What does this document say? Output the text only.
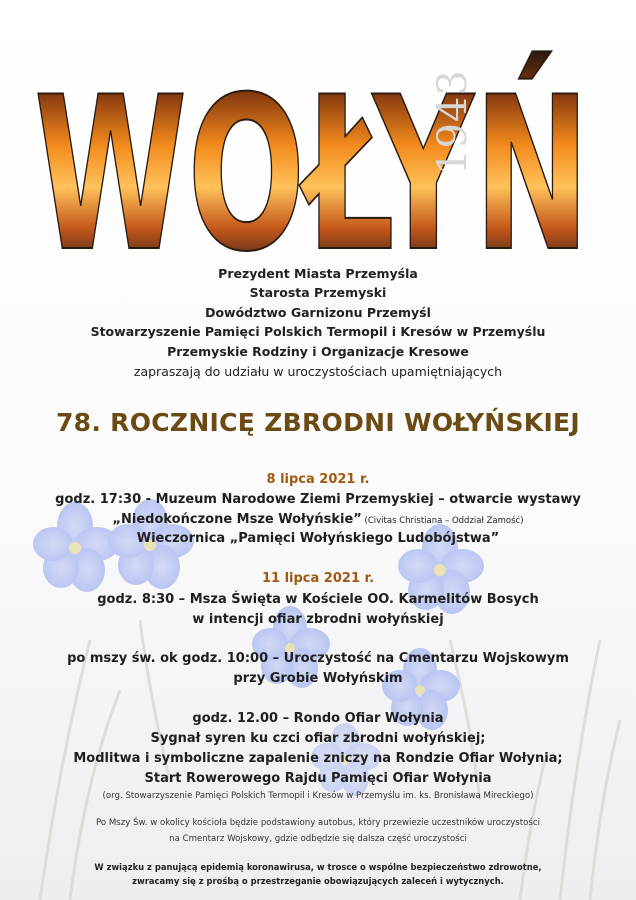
WOŁYŃ
1943
Prezydent Miasta Przemyśla
Starosta Przemyski
Dowództwo Garnizonu Przemyśl
Stowarzyszenie Pamięci Polskich Termopil i Kresów w Przemyślu
Przemyskie Rodziny i Organizacje Kresowe
zapraszają do udziału w uroczystościach upamiętniających
78. ROCZNICĘ ZBRODNI WOŁYŃSKIEJ
8 lipca 2021 r.
godz. 17:30 - Muzeum Narodowe Ziemi Przemyskiej – otwarcie wystawy
„Niedokończone Msze Wołyńskie” (Civitas Christiana – Oddział Zamość)
Wieczornica „Pamięci Wołyńskiego Ludobójstwa”
11 lipca 2021 r.
godz. 8:30 – Msza Święta w Kościele OO. Karmelitów Bosych
w intencji ofiar zbrodni wołyńskiej
po mszy św. ok godz. 10:00 – Uroczystość na Cmentarzu Wojskowym
przy Grobie Wołyńskim
godz. 12.00 – Rondo Ofiar Wołynia
Sygnał syren ku czci ofiar zbrodni wołyńskiej;
Modlitwa i symboliczne zapalenie zniczy na Rondzie Ofiar Wołynia;
Start Rowerowego Rajdu Pamięci Ofiar Wołynia
(org. Stowarzyszenie Pamięci Polskich Termopil i Kresów w Przemyślu im. ks. Bronisława Mireckiego)
Po Mszy Św. w okolicy kościoła będzie podstawiony autobus, który przewiezie uczestników uroczystości
na Cmentarz Wojskowy, gdzie odbędzie się dalsza część uroczystości
W związku z panującą epidemią koronawirusa, w trosce o wspólne bezpieczeństwo zdrowotne,
zwracamy się z prośbą o przestrzeganie obowiązujących zaleceń i wytycznych.
